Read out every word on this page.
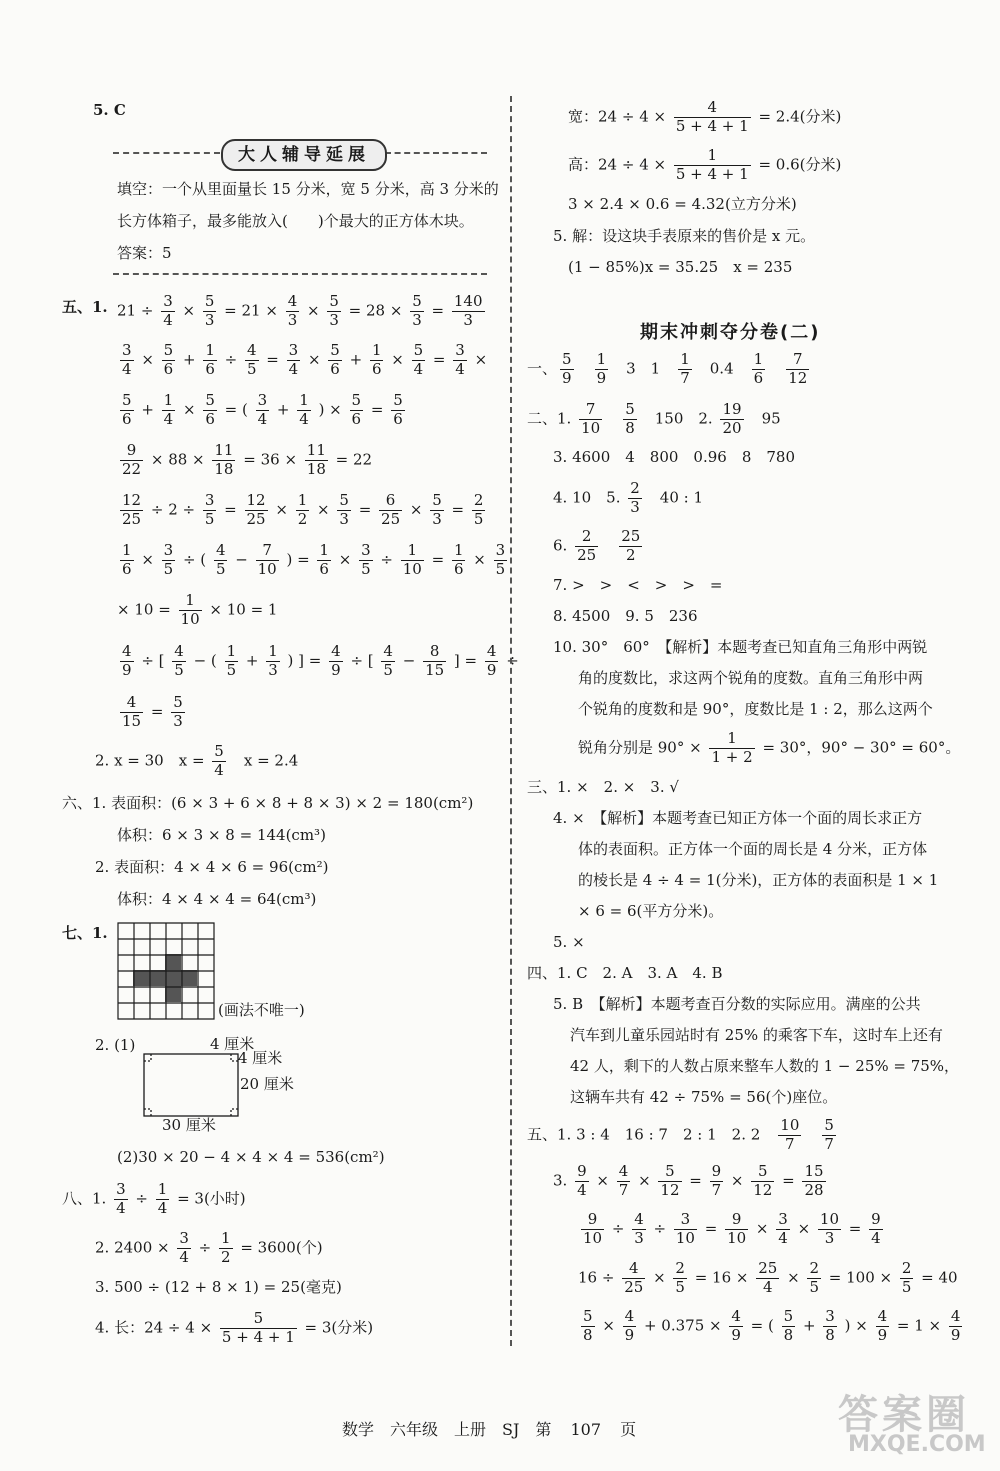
5. C
大人辅导延展
填空：一个从里面量长 15 分米，宽 5 分米，高 3 分米的
长方体箱子，最多能放入(　　)个最大的正方体木块。
答案：5
五、1. $21 \div \frac{3}{4} \times \frac{5}{3} = 21 \times \frac{4}{3} \times \frac{5}{3} = 28 \times \frac{5}{3} = \frac{140}{3}$
$\frac{3}{4} \times \frac{5}{6} + \frac{1}{6} \div \frac{4}{5} = \frac{3}{4} \times \frac{5}{6} + \frac{1}{6} \times \frac{5}{4} = \frac{3}{4}$ ×
$\frac{5}{6} + \frac{1}{4} \times \frac{5}{6}$ = ( $\frac{3}{4} + \frac{1}{4}$ ) × $\frac{5}{6} = \frac{5}{6}$
$\frac{9}{22} \times 88 \times \frac{11}{18} = 36 \times \frac{11}{18} = 22$
$\frac{12}{25} \div 2 \div \frac{3}{5} = \frac{12}{25} \times \frac{1}{2} \times \frac{5}{3} = \frac{6}{25} \times \frac{5}{3} = \frac{2}{5}$
$\frac{1}{6} \times \frac{3}{5}$ ÷ ( $\frac{4}{5} - \frac{7}{10}$ ) = $\frac{1}{6} \times \frac{3}{5} \div \frac{1}{10} = \frac{1}{6} \times \frac{3}{5}$
× $10 = \frac{1}{10} \times 10 = 1$
$\frac{4}{9}$ ÷ [ $\frac{4}{5}$ − ( $\frac{1}{5} + \frac{1}{3}$ ) ] = $\frac{4}{9}$ ÷ [ $\frac{4}{5} - \frac{8}{15}$ ] = $\frac{4}{9}$ ÷
$\frac{4}{15} = \frac{5}{3}$
2. x = 30　$x = \frac{5}{4}$ 　x = 2.4
六、1. 表面积：(6 × 3 + 6 × 8 + 8 × 3) × 2 = 180(cm²)
体积：6 × 3 × 8 = 144(cm³)
2. 表面积：4 × 4 × 6 = 96(cm²)
体积：4 × 4 × 4 = 64(cm³)
七、1.
(画法不唯一)
2. (1)	4 厘米
4 厘米
20 厘米
30 厘米
(2)30 × 20 − 4 × 4 × 4 = 536(cm²)
八、1. $\frac{3}{4} \div \frac{1}{4} = 3$(小时)
2. $2400 \times \frac{3}{4} \div \frac{1}{2} = 3600$(个)
3. 500 ÷ (12 + 8 × 1) = 25(毫克)
4. 长：$24 \div 4 \times \frac{5}{5 + 4 + 1} = 3$(分米)
宽：$24 \div 4 \times \frac{4}{5 + 4 + 1} = 2.4$(分米)
高：$24 \div 4 \times \frac{1}{5 + 4 + 1} = 0.6$(分米)
3 × 2.4 × 0.6 = 4.32(立方分米)
5. 解：设这块手表原来的售价是 x 元。
(1 − 85%)x = 35.25　x = 235
期末冲刺夺分卷(二)
一、 $\frac{5}{9}$
　 $\frac{1}{9}$ 　3　1　 $\frac{1}{7}$ 　0.4　 $\frac{1}{6}$
　 $\frac{7}{12}$
二、1. $\frac{7}{10}$
　 $\frac{5}{8}$ 　150　2. $\frac{19}{20}$ 　95
3. 4600　4　800　0.96　8　780
4. 10　5. $\frac{2}{3}$ 　40 : 1
6. $\frac{2}{25}$
　 $\frac{25}{2}$
7. >　>　<　>　>　=
8. 4500　9. 5　236
10. 30°　60°　【解析】本题考查已知直角三角形中两锐
角的度数比，求这两个锐角的度数。直角三角形中两
个锐角的度数和是 90°，度数比是 1 : 2，那么这两个
锐角分别是 $90^\circ \times \frac{1}{1 + 2} = 30^\circ$，90° − 30° = 60°。
三、1. ×　2. ×　3. √
4. ×　【解析】本题考查已知正方体一个面的周长求正方
体的表面积。正方体一个面的周长是 4 分米，正方体
的棱长是 4 ÷ 4 = 1(分米)，正方体的表面积是 1 × 1
× 6 = 6(平方分米)。
5. ×
四、1. C　2. A　3. A　4. B
5. B　【解析】本题考查百分数的实际应用。满座的公共
汽车到儿童乐园站时有 25% 的乘客下车，这时车上还有
42 人，剩下的人数占原来整车人数的 1 − 25% = 75%，
这辆车共有 42 ÷ 75% = 56(个)座位。
五、1. 3 : 4　16 : 7　2 : 1　2. 2　 $\frac{10}{7}$
　 $\frac{5}{7}$
3. $\frac{9}{4} \times \frac{4}{7} \times \frac{5}{12} = \frac{9}{7} \times \frac{5}{12} = \frac{15}{28}$
$\frac{9}{10} \div \frac{4}{3} \div \frac{3}{10} = \frac{9}{10} \times \frac{3}{4} \times \frac{10}{3} = \frac{9}{4}$
$16 \div \frac{4}{25} \times \frac{2}{5} = 16 \times \frac{25}{4} \times \frac{2}{5} = 100 \times \frac{2}{5} = 40$
$\frac{5}{8} \times \frac{4}{9} + 0.375 \times \frac{4}{9}$ = ( $\frac{5}{8} + \frac{3}{8}$ ) × $\frac{4}{9} = 1 \times \frac{4}{9}$
数学　六年级　上册　SJ　第 107 页	答案圈
MXQE.COM
